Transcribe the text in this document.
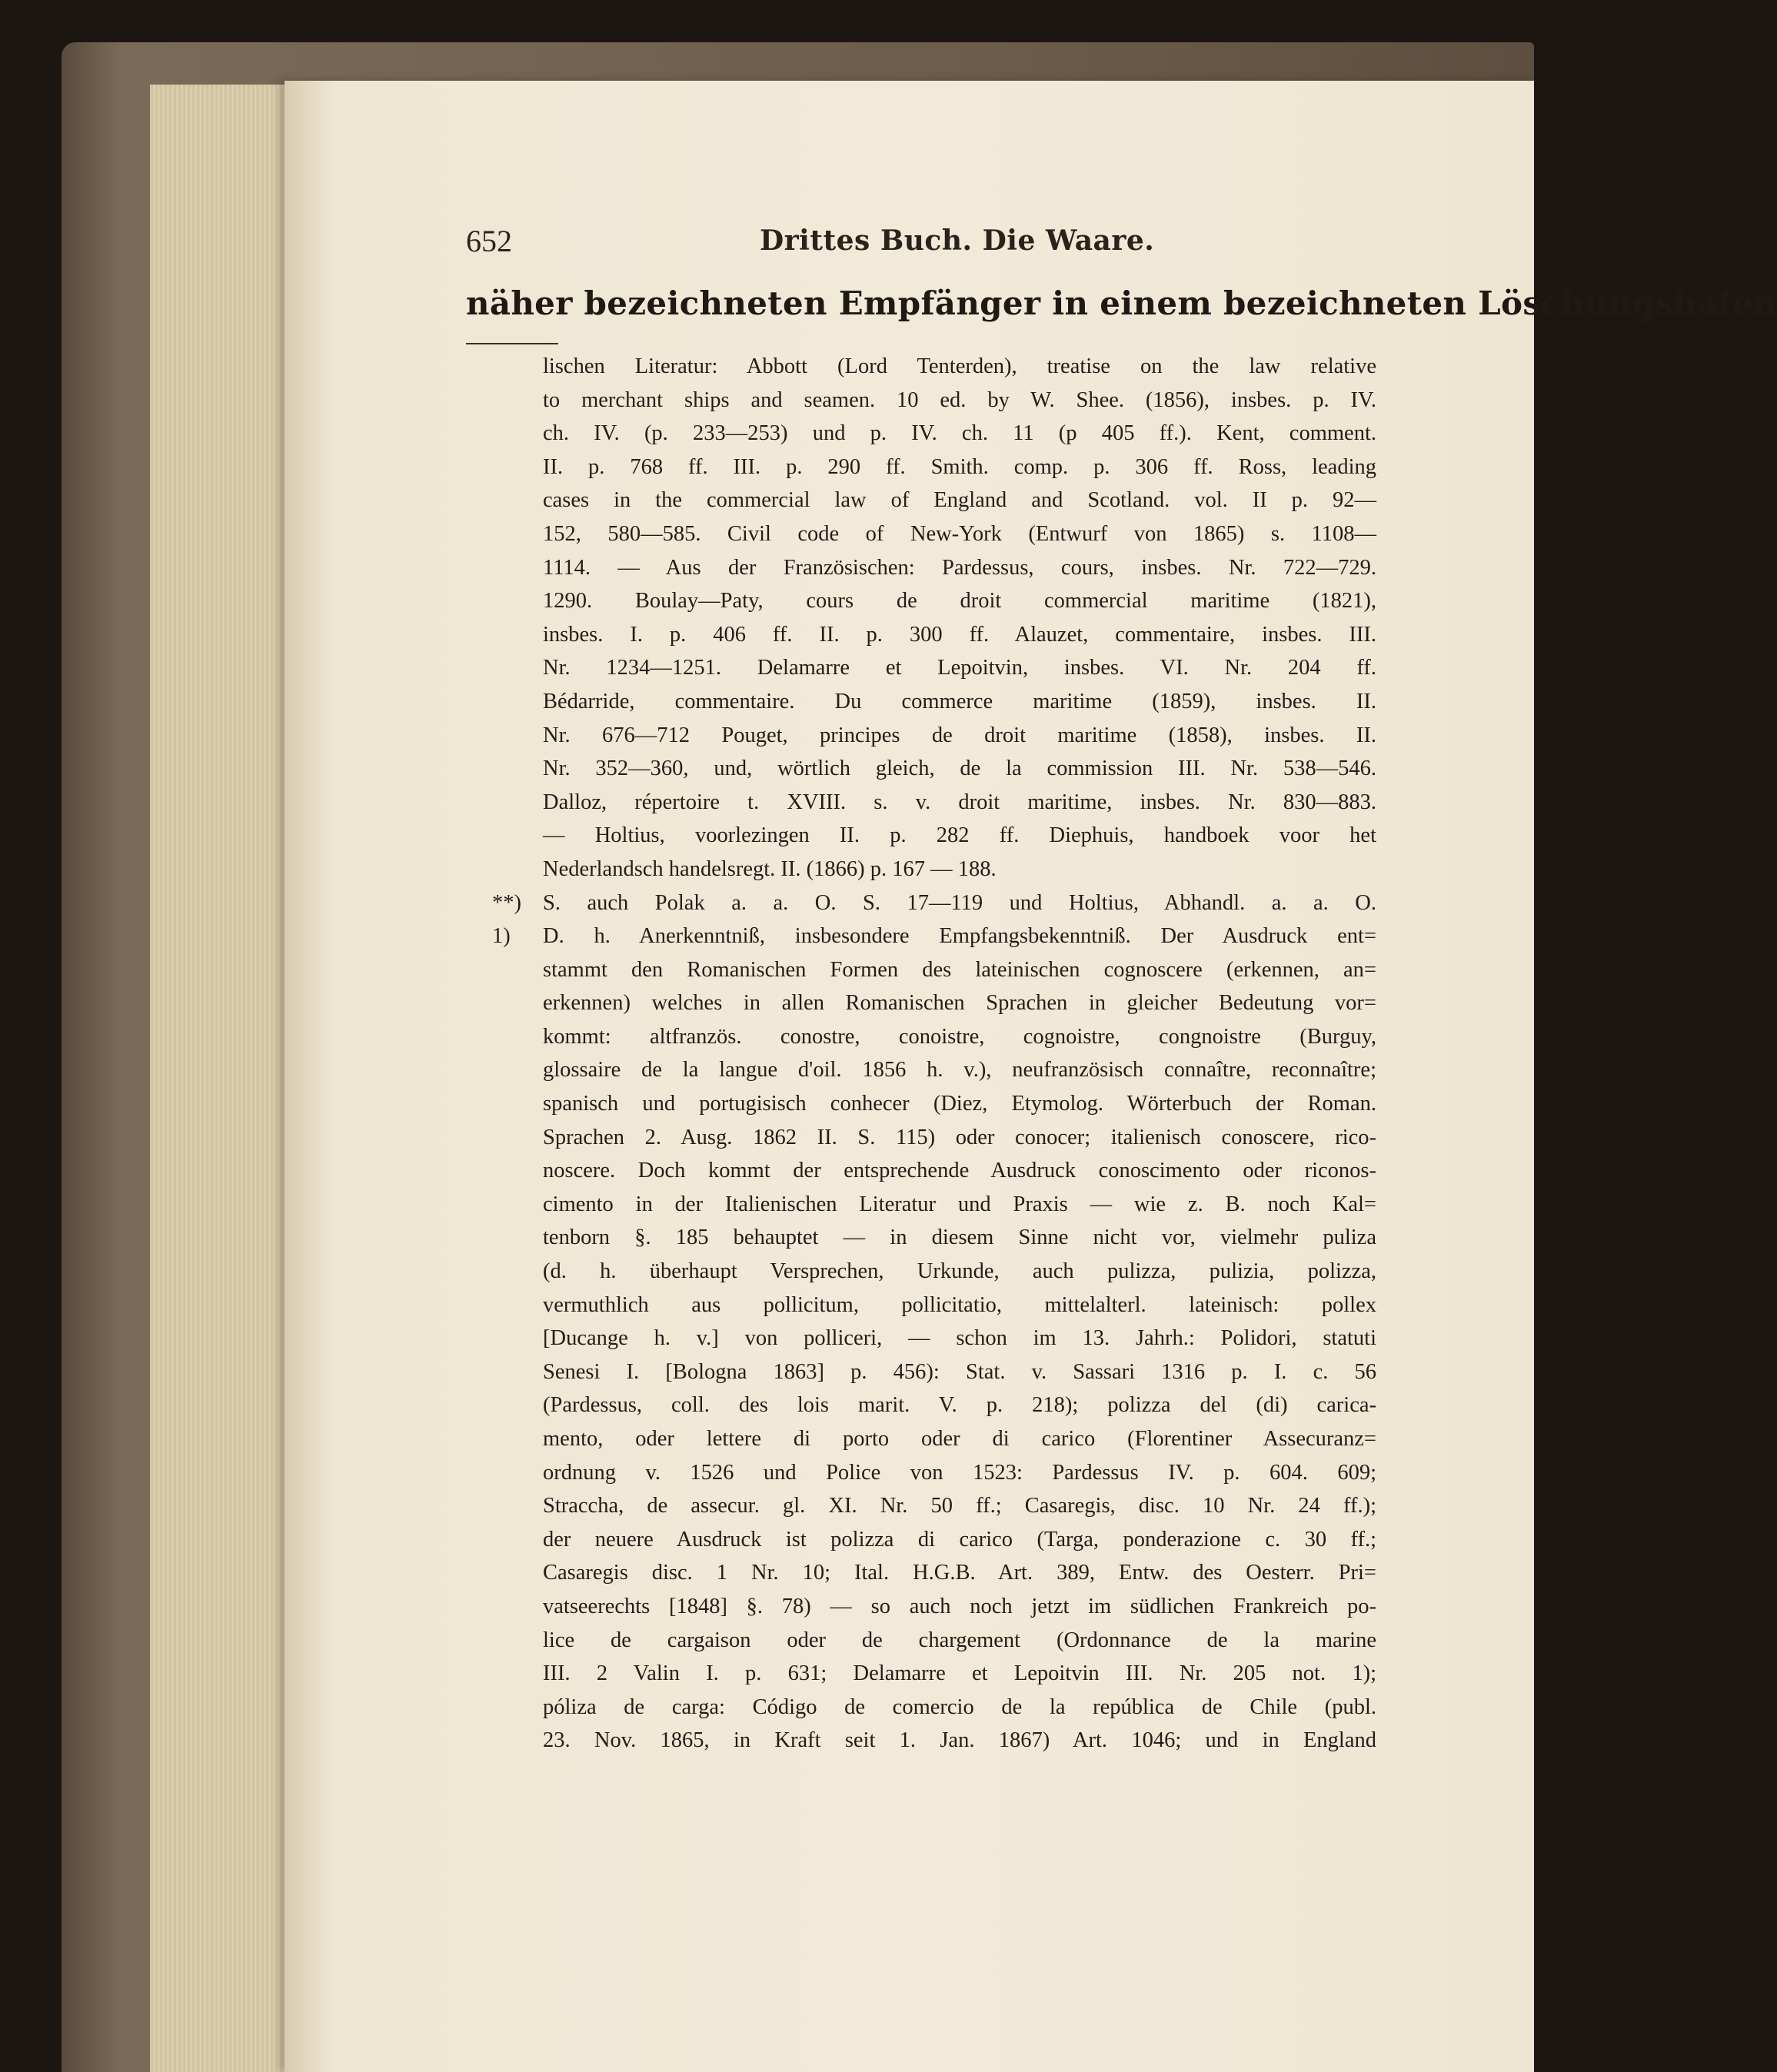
652	Drittes Buch. Die Waare.
näher bezeichneten Empfänger in einem bezeichneten Löschungshafen
lischen Literatur: Abbott (Lord Tenterden), treatise on the law relative
to merchant ships and seamen. 10 ed. by W. Shee. (1856), insbes. p. IV.
ch. IV. (p. 233—253) und p. IV. ch. 11 (p 405 ff.). Kent, comment.
II. p. 768 ff. III. p. 290 ff. Smith. comp. p. 306 ff. Ross, leading
cases in the commercial law of England and Scotland. vol. II p. 92—
152, 580—585. Civil code of New-York (Entwurf von 1865) s. 1108—
1114. — Aus der Französischen: Pardessus, cours, insbes. Nr. 722—729.
1290. Boulay—Paty, cours de droit commercial maritime (1821),
insbes. I. p. 406 ff. II. p. 300 ff. Alauzet, commentaire, insbes. III.
Nr. 1234—1251. Delamarre et Lepoitvin, insbes. VI. Nr. 204 ff.
Bédarride, commentaire. Du commerce maritime (1859), insbes. II.
Nr. 676—712 Pouget, principes de droit maritime (1858), insbes. II.
Nr. 352—360, und, wörtlich gleich, de la commission III. Nr. 538—546.
Dalloz, répertoire t. XVIII. s. v. droit maritime, insbes. Nr. 830—883.
— Holtius, voorlezingen II. p. 282 ff. Diephuis, handboek voor het
Nederlandsch handelsregt. II. (1866) p. 167 — 188.
**) S. auch Polak a. a. O. S. 17—119 und Holtius, Abhandl. a. a. O.
1) D. h. Anerkenntniß, insbesondere Empfangsbekenntniß. Der Ausdruck ent=
stammt den Romanischen Formen des lateinischen cognoscere (erkennen, an=
erkennen) welches in allen Romanischen Sprachen in gleicher Bedeutung vor=
kommt: altfranzös. conostre, conoistre, cognoistre, congnoistre (Burguy,
glossaire de la langue d'oil. 1856 h. v.), neufranzösisch connaître, reconnaître;
spanisch und portugisisch conhecer (Diez, Etymolog. Wörterbuch der Roman.
Sprachen 2. Ausg. 1862 II. S. 115) oder conocer; italienisch conoscere, rico-
noscere. Doch kommt der entsprechende Ausdruck conoscimento oder riconos-
cimento in der Italienischen Literatur und Praxis — wie z. B. noch Kal=
tenborn §. 185 behauptet — in diesem Sinne nicht vor, vielmehr puliza
(d. h. überhaupt Versprechen, Urkunde, auch pulizza, pulizia, polizza,
vermuthlich aus pollicitum, pollicitatio, mittelalterl. lateinisch: pollex
[Ducange h. v.] von polliceri, — schon im 13. Jahrh.: Polidori, statuti
Senesi I. [Bologna 1863] p. 456): Stat. v. Sassari 1316 p. I. c. 56
(Pardessus, coll. des lois marit. V. p. 218); polizza del (di) carica-
mento, oder lettere di porto oder di carico (Florentiner Assecuranz=
ordnung v. 1526 und Police von 1523: Pardessus IV. p. 604. 609;
Straccha, de assecur. gl. XI. Nr. 50 ff.; Casaregis, disc. 10 Nr. 24 ff.);
der neuere Ausdruck ist polizza di carico (Targa, ponderazione c. 30 ff.;
Casaregis disc. 1 Nr. 10; Ital. H.G.B. Art. 389, Entw. des Oesterr. Pri=
vatseerechts [1848] §. 78) — so auch noch jetzt im südlichen Frankreich po-
lice de cargaison oder de chargement (Ordonnance de la marine
III. 2 Valin I. p. 631; Delamarre et Lepoitvin III. Nr. 205 not. 1);
póliza de carga: Código de comercio de la república de Chile (publ.
23. Nov. 1865, in Kraft seit 1. Jan. 1867) Art. 1046; und in England
